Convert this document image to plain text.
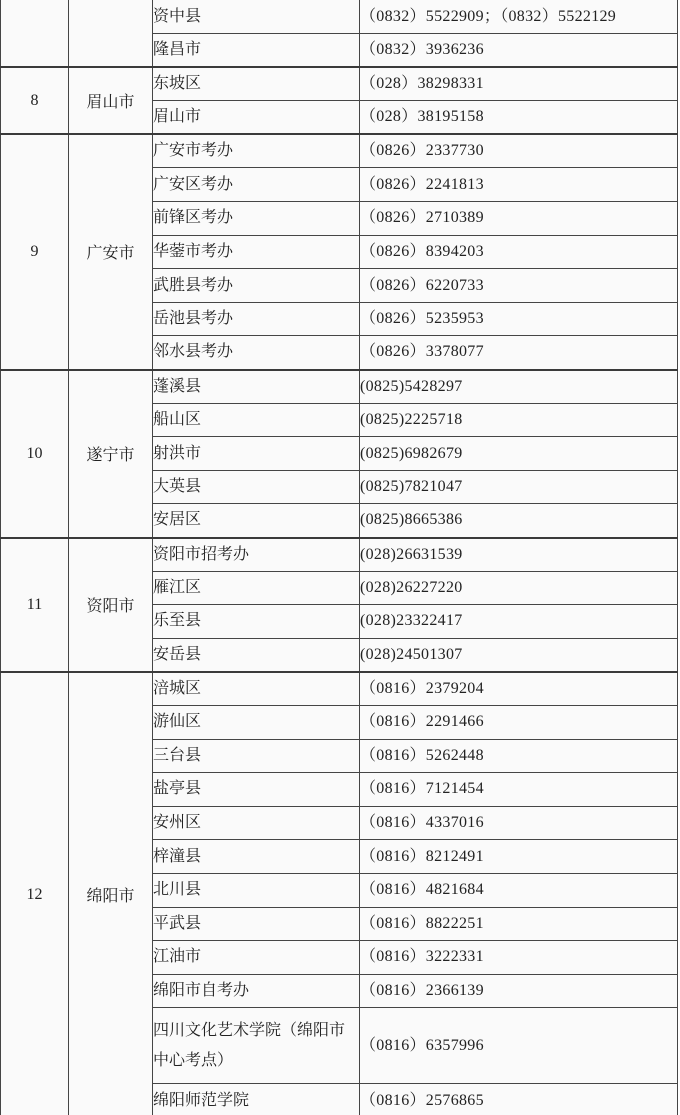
		资中县	（0832）5522909；（0832）5522129
		隆昌市	（0832）3936236
8	眉山市	东坡区	（028）38298331
		眉山市	（028）38195158
9	广安市	广安市考办	（0826）2337730
		广安区考办	（0826）2241813
		前锋区考办	（0826）2710389
		华蓥市考办	（0826）8394203
		武胜县考办	（0826）6220733
		岳池县考办	（0826）5235953
		邻水县考办	（0826）3378077
10	遂宁市	蓬溪县	(0825)5428297
		船山区	(0825)2225718
		射洪市	(0825)6982679
		大英县	(0825)7821047
		安居区	(0825)8665386
11	资阳市	资阳市招考办	(028)26631539
		雁江区	(028)26227220
		乐至县	(028)23322417
		安岳县	(028)24501307
12	绵阳市	涪城区	（0816）2379204
		游仙区	（0816）2291466
		三台县	（0816）5262448
		盐亭县	（0816）7121454
		安州区	（0816）4337016
		梓潼县	（0816）8212491
		北川县	（0816）4821684
		平武县	（0816）8822251
		江油市	（0816）3222331
		绵阳市自考办	（0816）2366139
		四川文化艺术学院（绵阳市中心考点）	（0816）6357996
		绵阳师范学院	（0816）2576865
